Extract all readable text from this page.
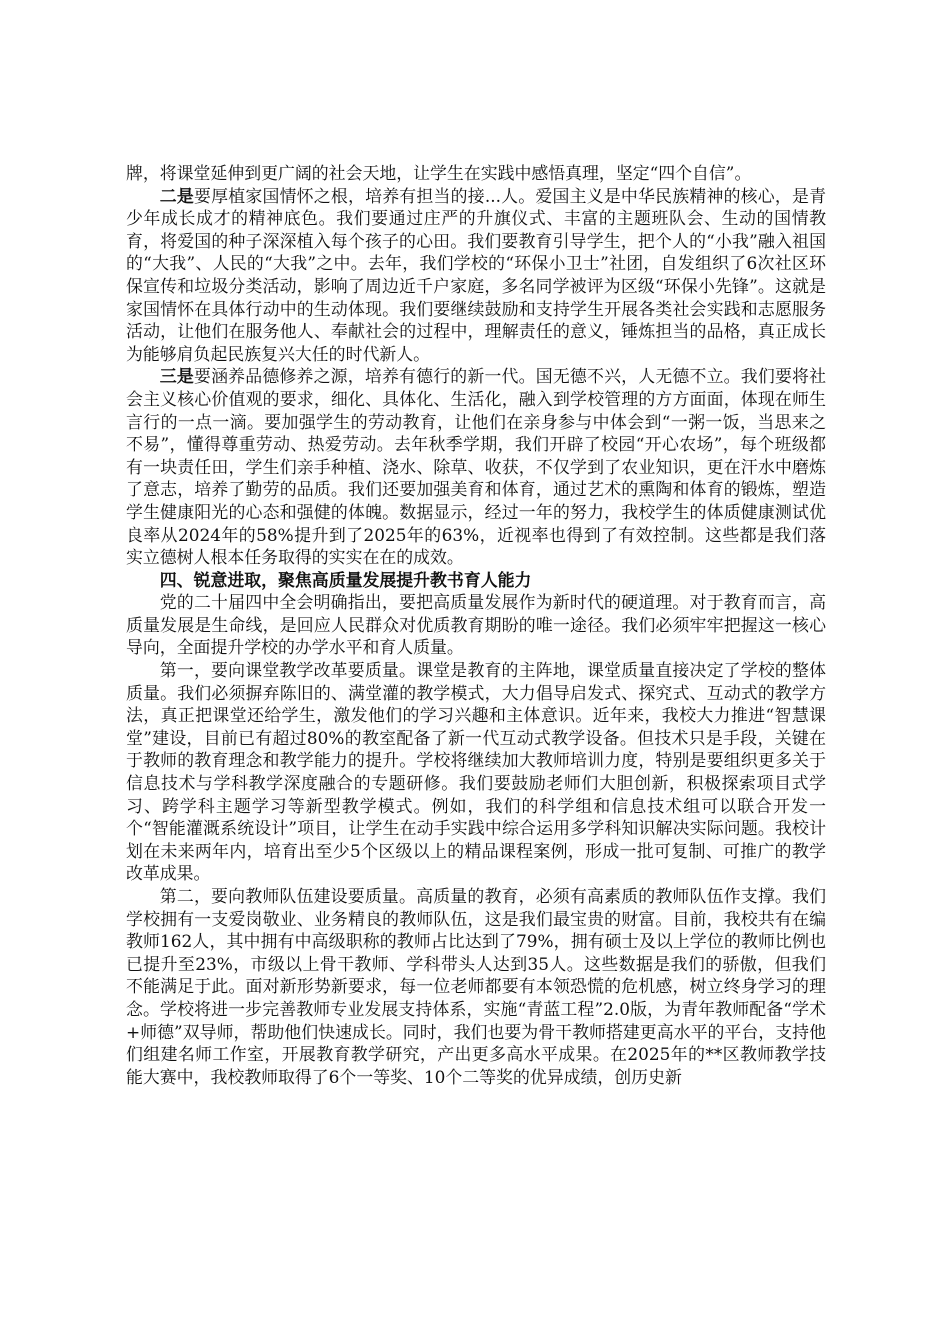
牌，将课堂延伸到更广阔的社会天地，让学生在实践中感悟真理，坚定“四个自信”。

二是要厚植家国情怀之根，培养有担当的接...人。爱国主义是中华民族精神的核心，是青少年成长成才的精神底色。我们要通过庄严的升旗仪式、丰富的主题班队会、生动的国情教育，将爱国的种子深深植入每个孩子的心田。我们要教育引导学生，把个人的“小我”融入祖国的“大我”、人民的“大我”之中。去年，我们学校的“环保小卫士”社团，自发组织了6次社区环保宣传和垃圾分类活动，影响了周边近千户家庭，多名同学被评为区级“环保小先锋”。这就是家国情怀在具体行动中的生动体现。我们要继续鼓励和支持学生开展各类社会实践和志愿服务活动，让他们在服务他人、奉献社会的过程中，理解责任的意义，锤炼担当的品格，真正成长为能够肩负起民族复兴大任的时代新人。

三是要涵养品德修养之源，培养有德行的新一代。国无德不兴，人无德不立。我们要将社会主义核心价值观的要求，细化、具体化、生活化，融入到学校管理的方方面面，体现在师生言行的一点一滴。要加强学生的劳动教育，让他们在亲身参与中体会到“一粥一饭，当思来之不易”，懂得尊重劳动、热爱劳动。去年秋季学期，我们开辟了校园“开心农场”，每个班级都有一块责任田，学生们亲手种植、浇水、除草、收获，不仅学到了农业知识，更在汗水中磨炼了意志，培养了勤劳的品质。我们还要加强美育和体育，通过艺术的熏陶和体育的锻炼，塑造学生健康阳光的心态和强健的体魄。数据显示，经过一年的努力，我校学生的体质健康测试优良率从2024年的58%提升到了2025年的63%，近视率也得到了有效控制。这些都是我们落实立德树人根本任务取得的实实在在的成效。

四、锐意进取，聚焦高质量发展提升教书育人能力

党的二十届四中全会明确指出，要把高质量发展作为新时代的硬道理。对于教育而言，高质量发展是生命线，是回应人民群众对优质教育期盼的唯一途径。我们必须牢牢把握这一核心导向，全面提升学校的办学水平和育人质量。

第一，要向课堂教学改革要质量。课堂是教育的主阵地，课堂质量直接决定了学校的整体质量。我们必须摒弃陈旧的、满堂灌的教学模式，大力倡导启发式、探究式、互动式的教学方法，真正把课堂还给学生，激发他们的学习兴趣和主体意识。近年来，我校大力推进“智慧课堂”建设，目前已有超过80%的教室配备了新一代互动式教学设备。但技术只是手段，关键在于教师的教育理念和教学能力的提升。学校将继续加大教师培训力度，特别是要组织更多关于信息技术与学科教学深度融合的专题研修。我们要鼓励老师们大胆创新，积极探索项目式学习、跨学科主题学习等新型教学模式。例如，我们的科学组和信息技术组可以联合开发一个“智能灌溉系统设计”项目，让学生在动手实践中综合运用多学科知识解决实际问题。我校计划在未来两年内，培育出至少5个区级以上的精品课程案例，形成一批可复制、可推广的教学改革成果。

第二，要向教师队伍建设要质量。高质量的教育，必须有高素质的教师队伍作支撑。我们学校拥有一支爱岗敬业、业务精良的教师队伍，这是我们最宝贵的财富。目前，我校共有在编教师162人，其中拥有中高级职称的教师占比达到了79%，拥有硕士及以上学位的教师比例也已提升至23%，市级以上骨干教师、学科带头人达到35人。这些数据是我们的骄傲，但我们不能满足于此。面对新形势新要求，每一位老师都要有本领恐慌的危机感，树立终身学习的理念。学校将进一步完善教师专业发展支持体系，实施“青蓝工程”2.0版，为青年教师配备“学术+师德”双导师，帮助他们快速成长。同时，我们也要为骨干教师搭建更高水平的平台，支持他们组建名师工作室，开展教育教学研究，产出更多高水平成果。在2025年的**区教师教学技能大赛中，我校教师取得了6个一等奖、10个二等奖的优异成绩，创历史新
